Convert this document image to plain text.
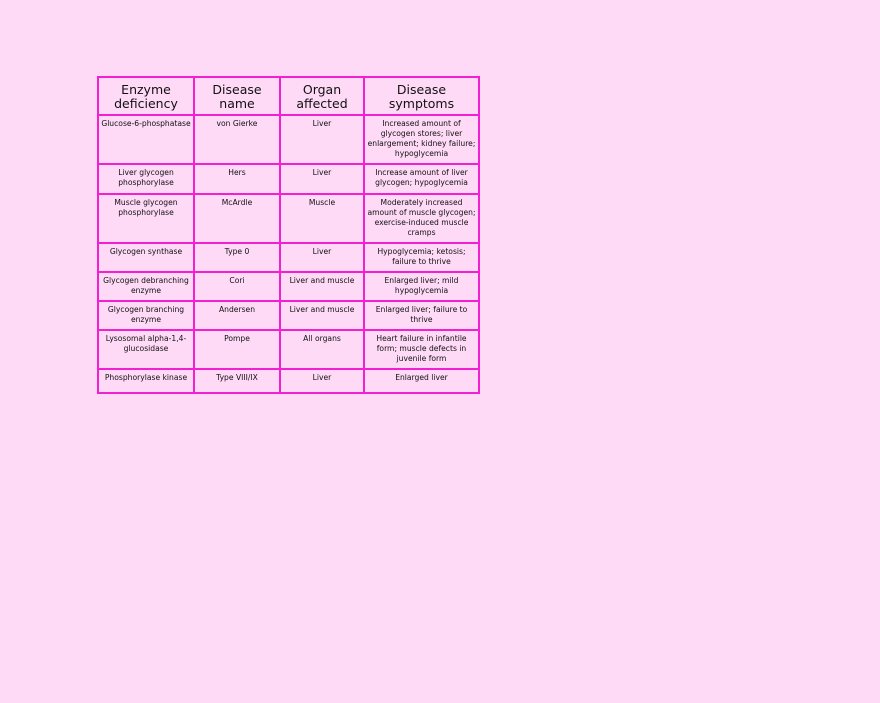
Enzyme deficiency	Disease name	Organ affected	Disease symptoms
Glucose-6-phosphatase	von Gierke	Liver	Increased amount of glycogen stores; liver enlargement; kidney failure; hypoglycemia
Liver glycogen phosphorylase	Hers	Liver	Increase amount of liver glycogen; hypoglycemia
Muscle glycogen phosphorylase	McArdle	Muscle	Moderately increased amount of muscle glycogen; exercise-induced muscle cramps
Glycogen synthase	Type 0	Liver	Hypoglycemia; ketosis; failure to thrive
Glycogen debranching enzyme	Cori	Liver and muscle	Enlarged liver; mild hypoglycemia
Glycogen branching enzyme	Andersen	Liver and muscle	Enlarged liver; failure to thrive
Lysosomal alpha-1,4-glucosidase	Pompe	All organs	Heart failure in infantile form; muscle defects in juvenile form
Phosphorylase kinase	Type VIII/IX	Liver	Enlarged liver
